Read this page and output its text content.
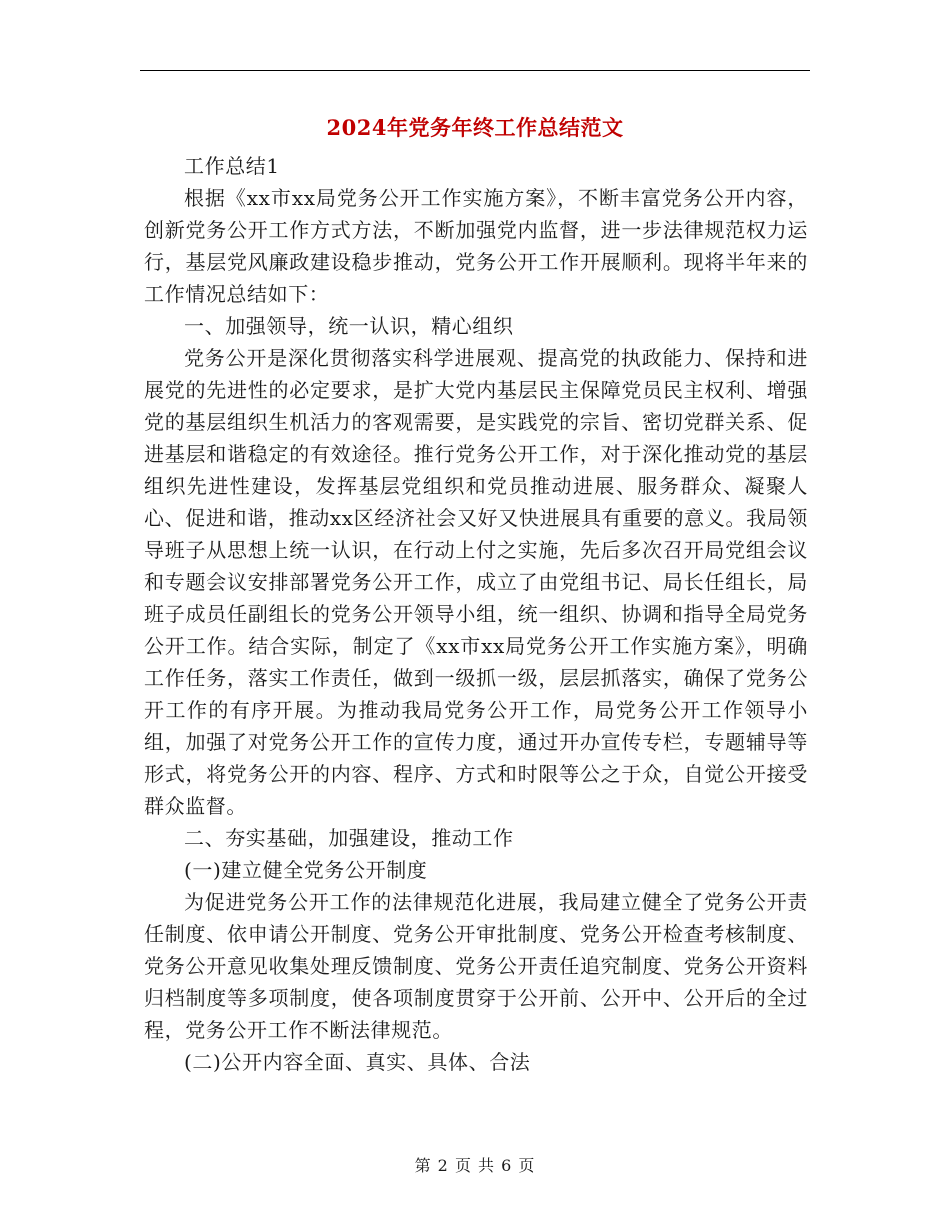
2024年党务年终工作总结范文

工作总结1

根据《xx市xx局党务公开工作实施方案》，不断丰富党务公开内容，创新党务公开工作方式方法，不断加强党内监督，进一步法律规范权力运行，基层党风廉政建设稳步推动，党务公开工作开展顺利。现将半年来的工作情况总结如下：

一、加强领导，统一认识，精心组织

党务公开是深化贯彻落实科学进展观、提高党的执政能力、保持和进展党的先进性的必定要求，是扩大党内基层民主保障党员民主权利、增强党的基层组织生机活力的客观需要，是实践党的宗旨、密切党群关系、促进基层和谐稳定的有效途径。推行党务公开工作，对于深化推动党的基层组织先进性建设，发挥基层党组织和党员推动进展、服务群众、凝聚人心、促进和谐，推动xx区经济社会又好又快进展具有重要的意义。我局领导班子从思想上统一认识，在行动上付之实施，先后多次召开局党组会议和专题会议安排部署党务公开工作，成立了由党组书记、局长任组长，局班子成员任副组长的党务公开领导小组，统一组织、协调和指导全局党务公开工作。结合实际，制定了《xx市xx局党务公开工作实施方案》，明确工作任务，落实工作责任，做到一级抓一级，层层抓落实，确保了党务公开工作的有序开展。为推动我局党务公开工作，局党务公开工作领导小组，加强了对党务公开工作的宣传力度，通过开办宣传专栏，专题辅导等形式，将党务公开的内容、程序、方式和时限等公之于众，自觉公开接受群众监督。

二、夯实基础，加强建设，推动工作

(一)建立健全党务公开制度

为促进党务公开工作的法律规范化进展，我局建立健全了党务公开责任制度、依申请公开制度、党务公开审批制度、党务公开检查考核制度、党务公开意见收集处理反馈制度、党务公开责任追究制度、党务公开资料归档制度等多项制度，使各项制度贯穿于公开前、公开中、公开后的全过程，党务公开工作不断法律规范。

(二)公开内容全面、真实、具体、合法

第 2 页 共 6 页
